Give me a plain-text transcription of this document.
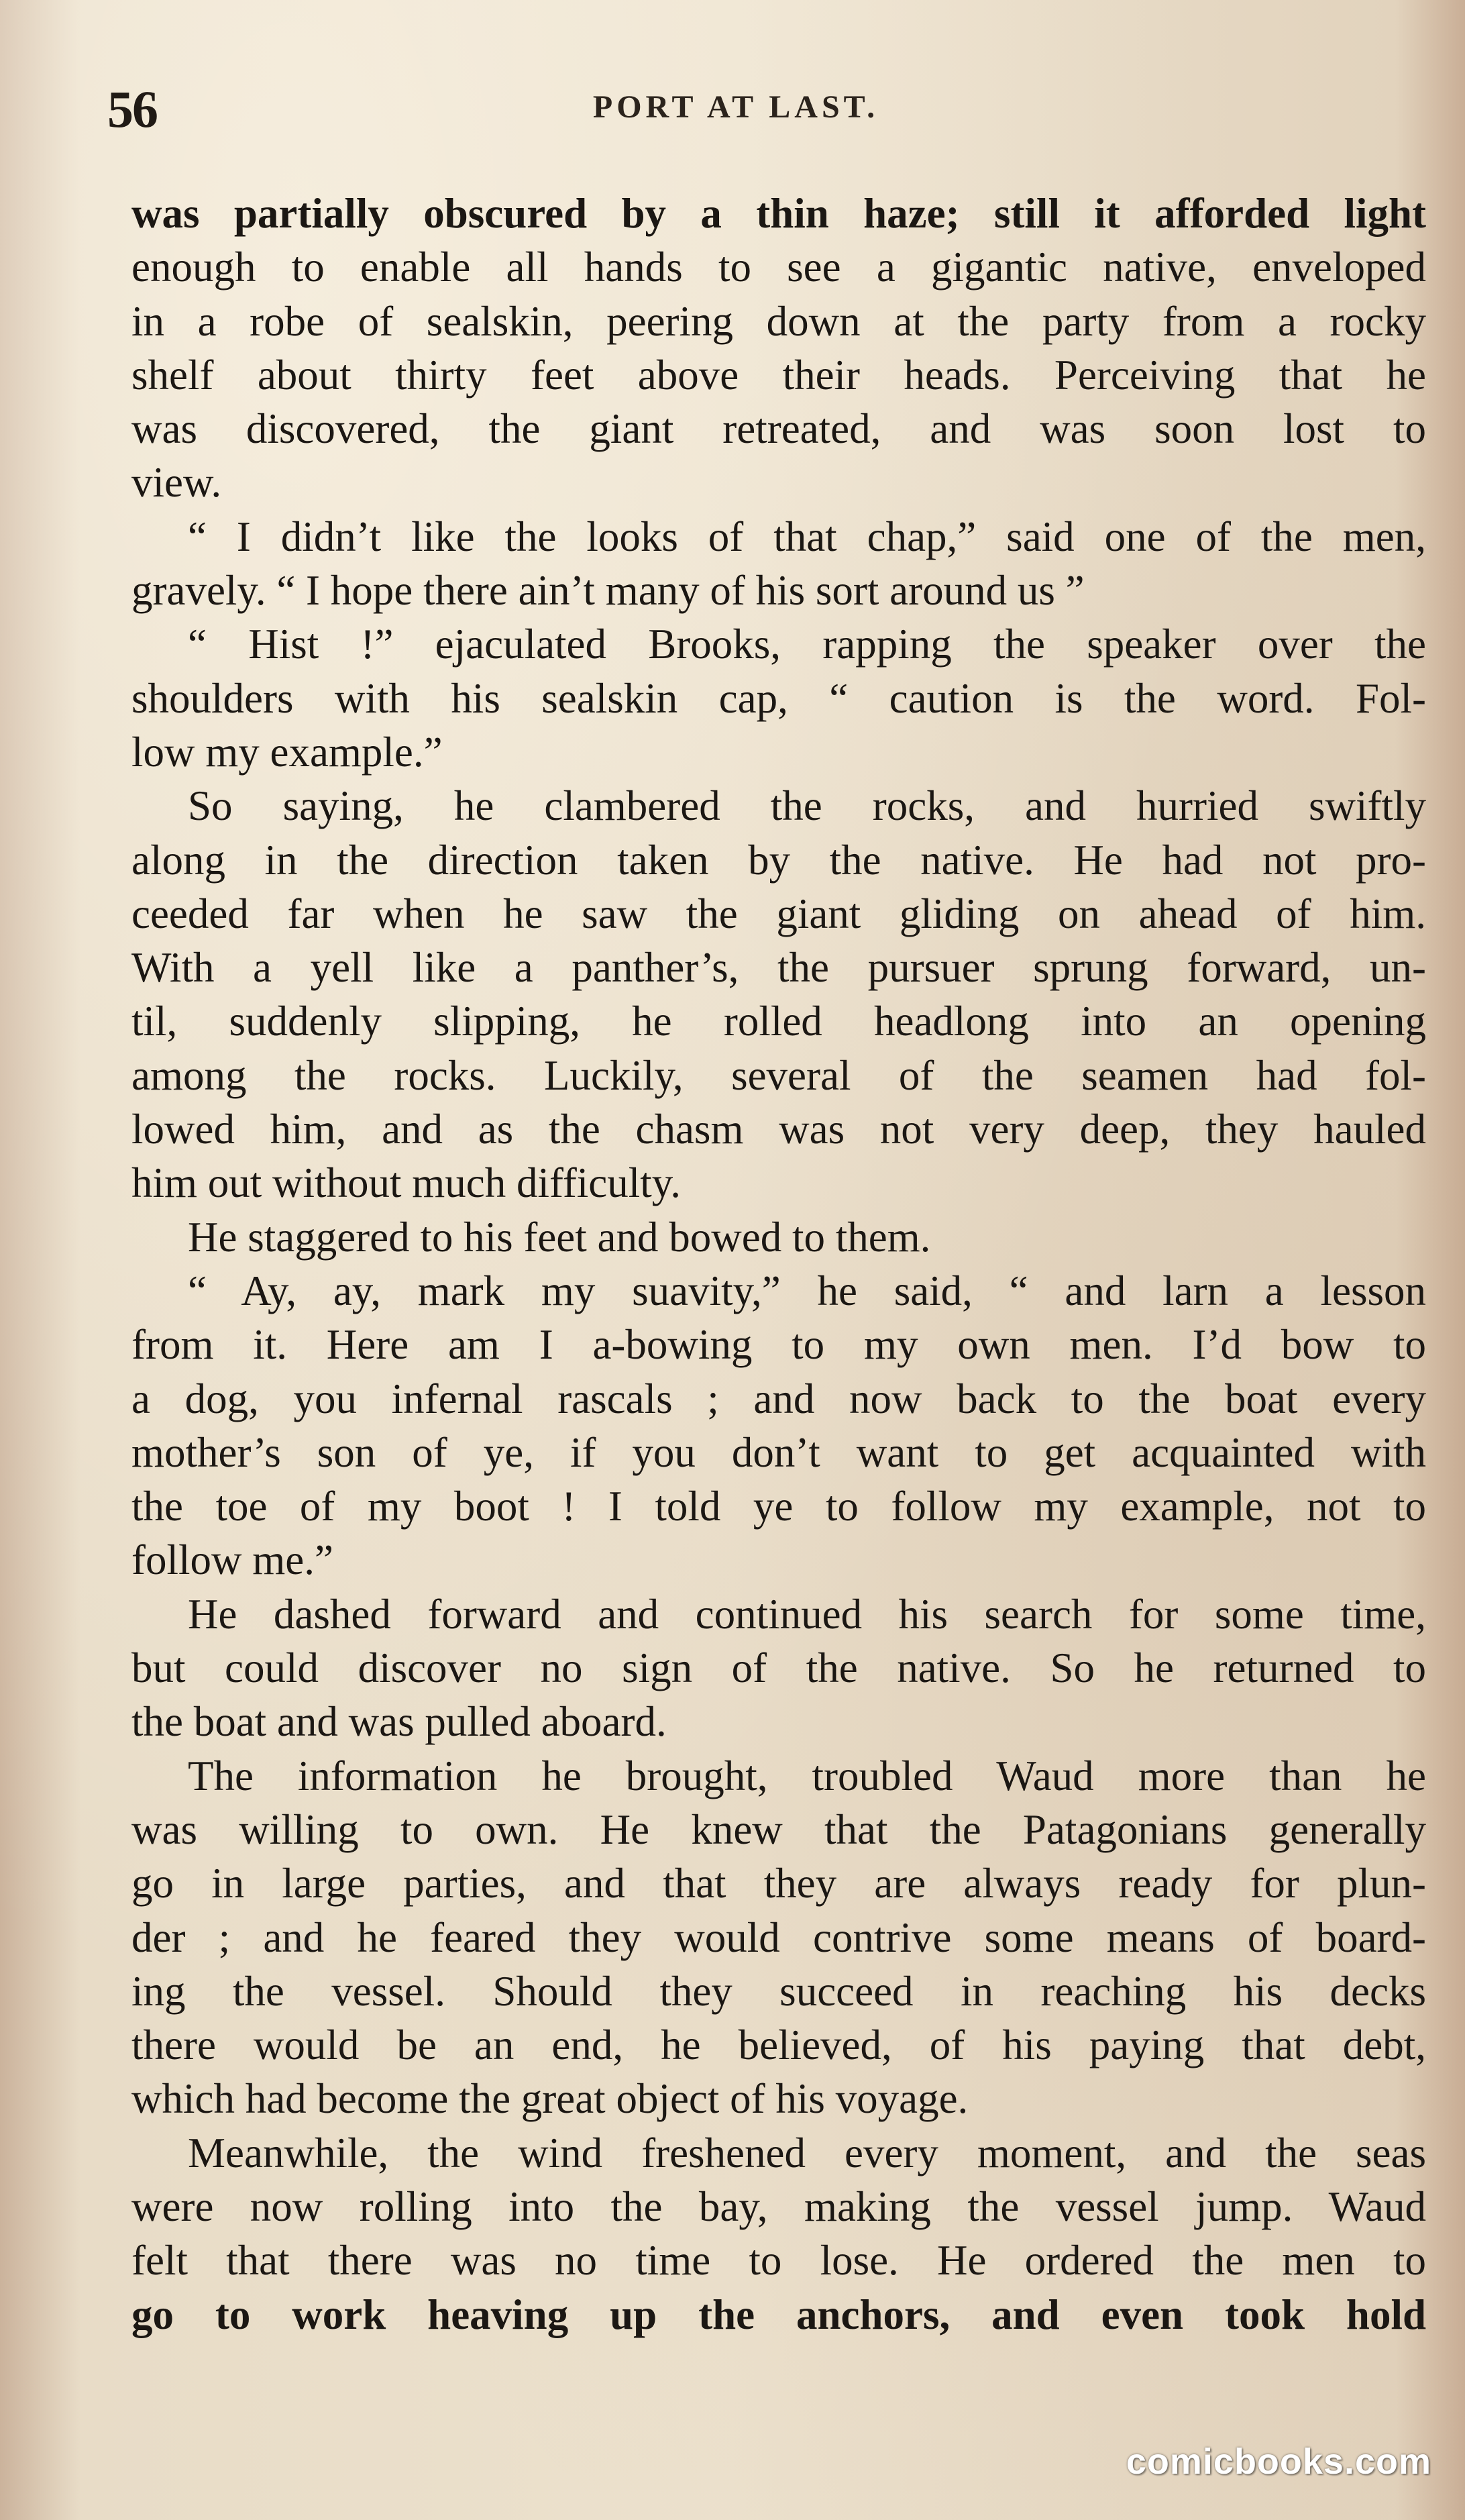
56	PORT AT LAST.
was partially obscured by a thin haze; still it afforded light
enough to enable all hands to see a gigantic native, enveloped
in a robe of sealskin, peering down at the party from a rocky
shelf about thirty feet above their heads. Perceiving that he
was discovered, the giant retreated, and was soon lost to
view.
“ I didn’t like the looks of that chap,” said one of the men,
gravely. “ I hope there ain’t many of his sort around us ”
“ Hist !” ejaculated Brooks, rapping the speaker over the
shoulders with his sealskin cap, “ caution is the word. Fol-
low my example.”
So saying, he clambered the rocks, and hurried swiftly
along in the direction taken by the native. He had not pro-
ceeded far when he saw the giant gliding on ahead of him.
With a yell like a panther’s, the pursuer sprung forward, un-
til, suddenly slipping, he rolled headlong into an opening
among the rocks. Luckily, several of the seamen had fol-
lowed him, and as the chasm was not very deep, they hauled
him out without much difficulty.
He staggered to his feet and bowed to them.
“ Ay, ay, mark my suavity,” he said, “ and larn a lesson
from it. Here am I a-bowing to my own men. I’d bow to
a dog, you infernal rascals ; and now back to the boat every
mother’s son of ye, if you don’t want to get acquainted with
the toe of my boot ! I told ye to follow my example, not to
follow me.”
He dashed forward and continued his search for some time,
but could discover no sign of the native. So he returned to
the boat and was pulled aboard.
The information he brought, troubled Waud more than he
was willing to own. He knew that the Patagonians generally
go in large parties, and that they are always ready for plun-
der ; and he feared they would contrive some means of board-
ing the vessel. Should they succeed in reaching his decks
there would be an end, he believed, of his paying that debt,
which had become the great object of his voyage.
Meanwhile, the wind freshened every moment, and the seas
were now rolling into the bay, making the vessel jump. Waud
felt that there was no time to lose. He ordered the men to
go to work heaving up the anchors, and even took hold
comicbooks.com
